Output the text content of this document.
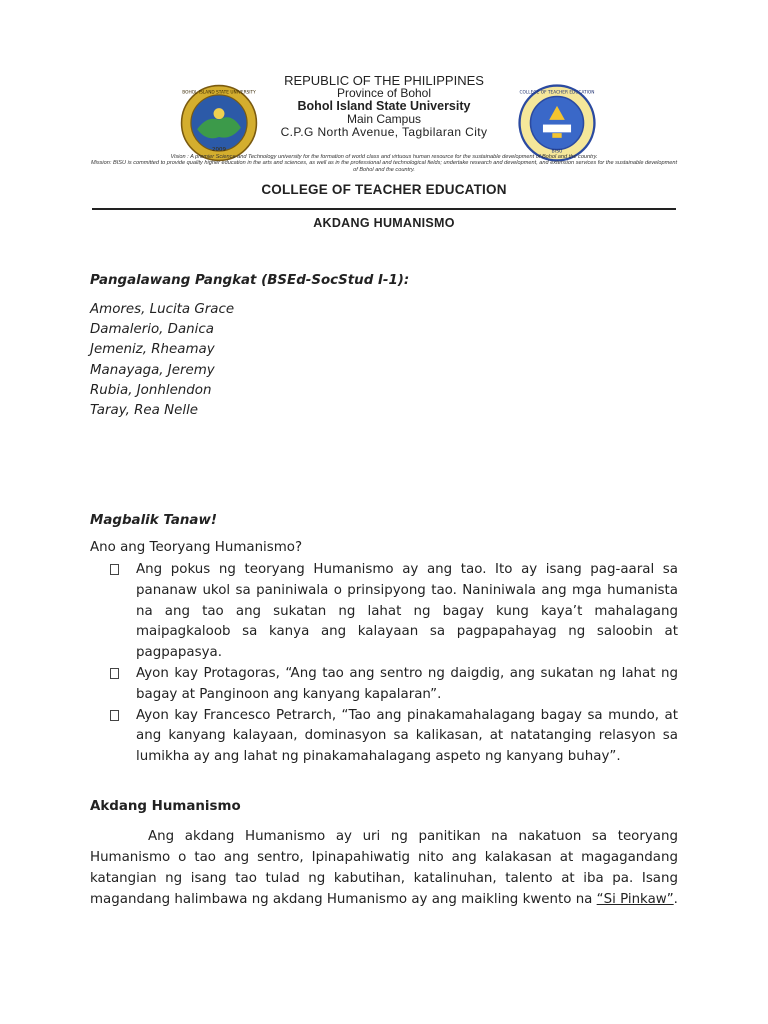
2009
BOHOL ISLAND STATE UNIVERSITY
BISU
COLLEGE OF TEACHER EDUCATION
REPUBLIC OF THE PHILIPPINES
Province of Bohol
Bohol Island State University
Main Campus
C.P.G North Avenue, Tagbilaran City
Vision : A premier Science and Technology university for the formation of world class and virtuous human resource for the sustainable development of Bohol and the country.
Mission: BISU is committed to provide quality higher education in the arts and sciences, as well as in the professional and technological fields; undertake research and development, and extension services for the sustainable development of Bohol and the country.
COLLEGE OF TEACHER EDUCATION
AKDANG HUMANISMO
Pangalawang Pangkat (BSEd-SocStud I-1):
Amores, Lucita Grace
Damalerio, Danica
Jemeniz, Rheamay
Manayaga, Jeremy
Rubia, Jonhlendon
Taray, Rea Nelle
Magbalik Tanaw!
Ano ang Teoryang Humanismo?
Ang pokus ng teoryang Humanismo ay ang tao. Ito ay isang pag-aaral sa pananaw ukol sa paniniwala o prinsipyong tao. Naniniwala ang mga humanista na ang tao ang sukatan ng lahat ng bagay kung kaya’t mahalagang maipagkaloob sa kanya ang kalayaan sa pagpapahayag ng saloobin at pagpapasya.
Ayon kay Protagoras, “Ang tao ang sentro ng daigdig, ang sukatan ng lahat ng bagay at Panginoon ang kanyang kapalaran”.
Ayon kay Francesco Petrarch, “Tao ang pinakamahalagang bagay sa mundo, at ang kanyang kalayaan, dominasyon sa kalikasan, at natatanging relasyon sa lumikha ay ang lahat ng pinakamahalagang aspeto ng kanyang buhay”.
Akdang Humanismo

Ang akdang Humanismo ay uri ng panitikan na nakatuon sa teoryang Humanismo o tao ang sentro, Ipinapahiwatig nito ang kalakasan at magagandang katangian ng isang tao tulad ng kabutihan, katalinuhan, talento at iba pa. Isang magandang halimbawa ng akdang Humanismo ay ang maikling kwento na “Si Pinkaw”.
